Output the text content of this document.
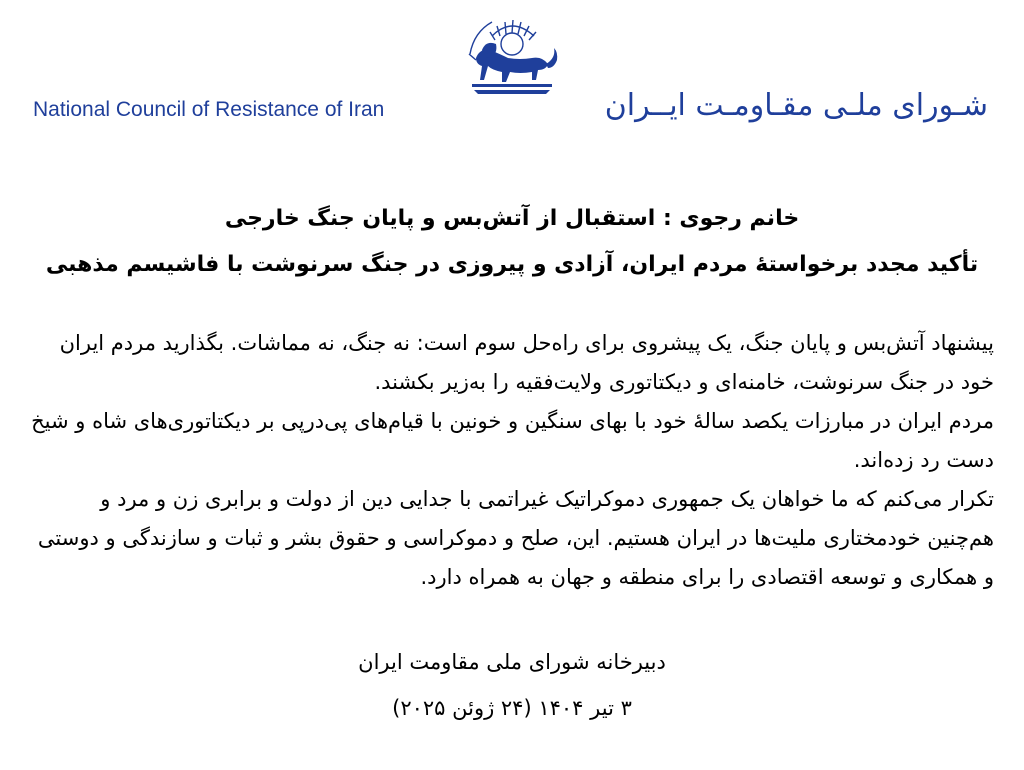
National Council of Resistance of Iran	شـورای ملـی مقـاومـت ایــران
خانم رجوی : استقبال از آتش‌بس و پایان جنگ خارجی
تأکید مجدد برخواستهٔ مردم ایران، آزادی و پیروزی در جنگ سرنوشت با فاشیسم مذهبی

پیشنهاد آتش‌بس و پایان جنگ، یک پیشروی برای راه‌حل سوم است: نه جنگ، نه مماشات. بگذارید مردم ایران خود در جنگ سرنوشت، خامنه‌ای و دیکتاتوری ولایت‌فقیه را به‌زیر بکشند.

مردم ایران در مبارزات یکصد سالهٔ خود با بهای سنگین و خونین با قیام‌های پی‌درپی بر دیکتاتوری‌های شاه و شیخ دست رد زده‌اند.

تکرار می‌کنم که ما خواهان یک جمهوری دموکراتیک غیراتمی با جدایی دین از دولت و برابری زن و مرد و هم‌چنین خودمختاری ملیت‌ها در ایران هستیم. این، صلح و دموکراسی و حقوق بشر و ثبات و سازندگی و دوستی و همکاری و توسعه اقتصادی را برای منطقه و جهان به همراه دارد.

دبیرخانه شورای ملی مقاومت ایران
۳ تیر ۱۴۰۴ (۲۴ ژوئن ۲۰۲۵)
